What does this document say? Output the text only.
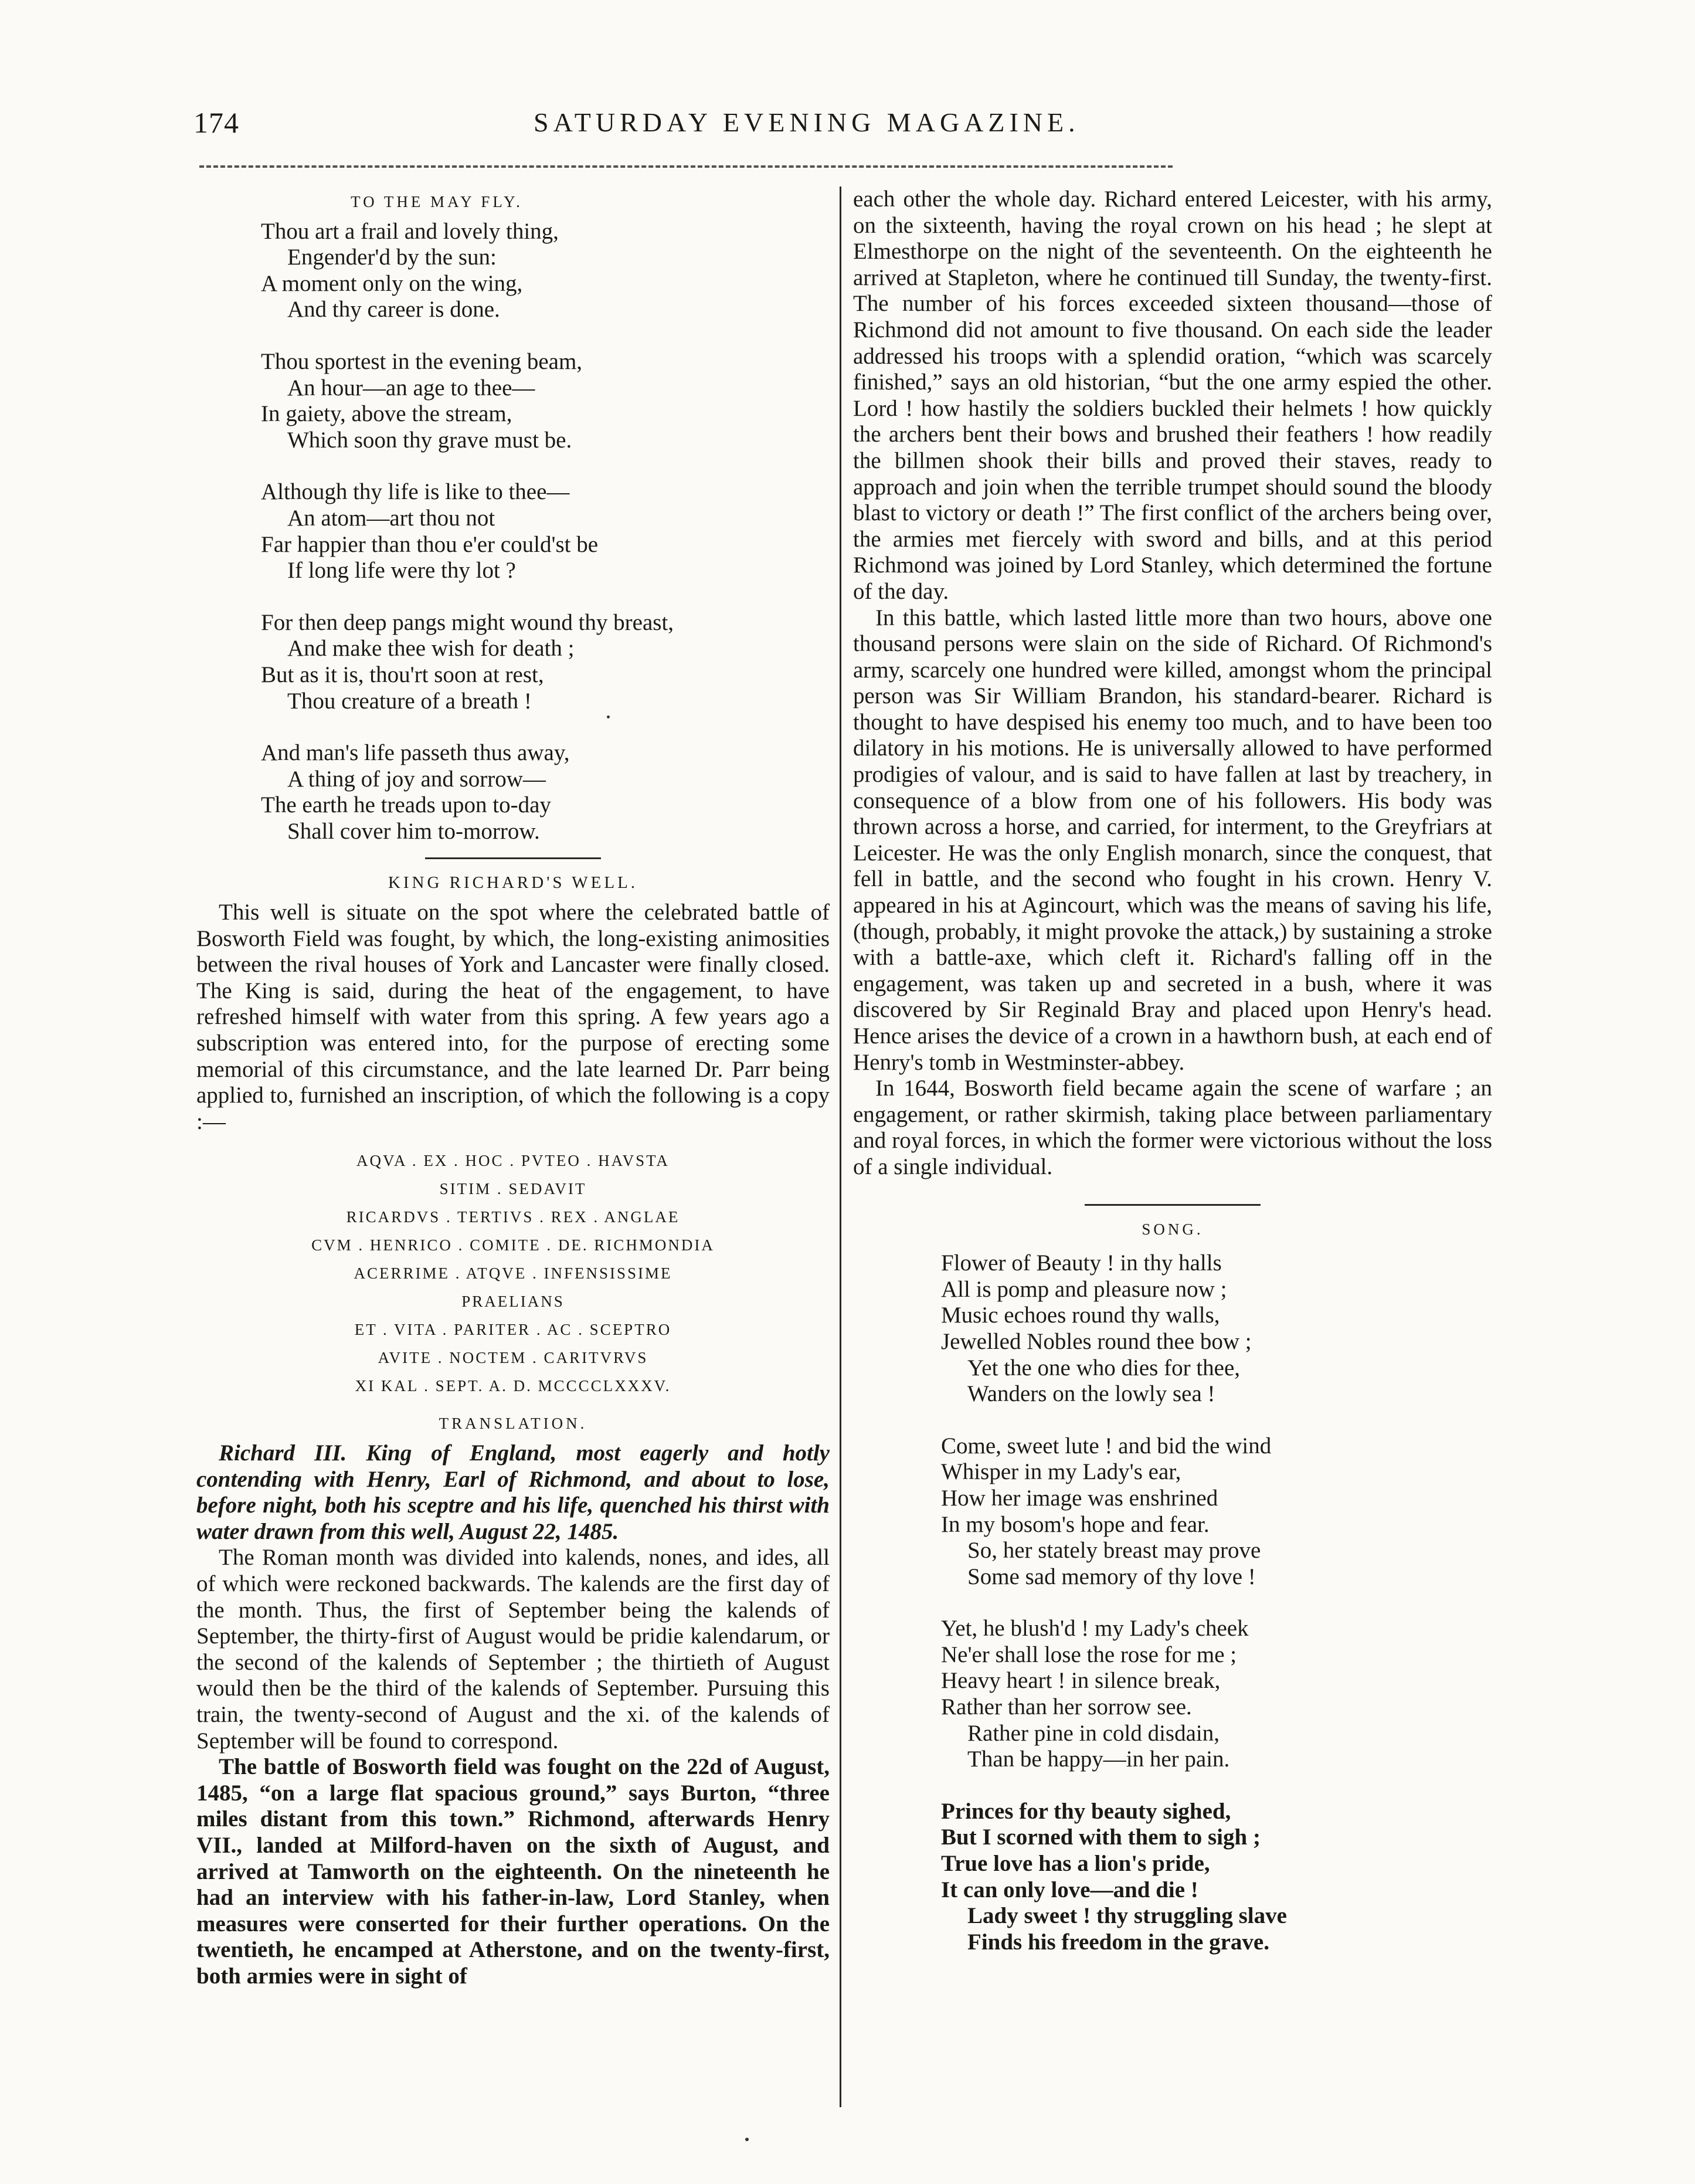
174	SATURDAY EVENING MAGAZINE.
TO THE MAY FLY.
Thou art a frail and lovely thing,
Engender'd by the sun:
A moment only on the wing,
And thy career is done.
Thou sportest in the evening beam,
An hour—an age to thee—
In gaiety, above the stream,
Which soon thy grave must be.
Although thy life is like to thee—
An atom—art thou not
Far happier than thou e'er could'st be
If long life were thy lot ?
For then deep pangs might wound thy breast,
And make thee wish for death ;
But as it is, thou'rt soon at rest,
Thou creature of a breath !
And man's life passeth thus away,
A thing of joy and sorrow—
The earth he treads upon to-day
Shall cover him to-morrow.
KING RICHARD'S WELL.

This well is situate on the spot where the celebrated battle of Bosworth Field was fought, by which, the long-existing animosities between the rival houses of York and Lancaster were finally closed. The King is said, during the heat of the engagement, to have refreshed himself with water from this spring. A few years ago a subscription was entered into, for the purpose of erecting some memorial of this circumstance, and the late learned Dr. Parr being applied to, furnished an inscription, of which the following is a copy :—

AQVA . EX . HOC . PVTEO . HAVSTA
SITIM . SEDAVIT
RICARDVS . TERTIVS . REX . ANGLAE
CVM . HENRICO . COMITE . DE. RICHMONDIA
ACERRIME . ATQVE . INFENSISSIME
PRAELIANS
ET . VITA . PARITER . AC . SCEPTRO
AVITE . NOCTEM . CARITVRVS
XI KAL . SEPT. A. D. MCCCCLXXXV.
TRANSLATION.

Richard III. King of England, most eagerly and hotly contending with Henry, Earl of Richmond, and about to lose, before night, both his sceptre and his life, quenched his thirst with water drawn from this well, August 22, 1485.

The Roman month was divided into kalends, nones, and ides, all of which were reckoned backwards. The kalends are the first day of the month. Thus, the first of September being the kalends of September, the thirty-first of August would be pridie kalendarum, or the second of the kalends of September ; the thirtieth of August would then be the third of the kalends of September. Pursuing this train, the twenty-second of August and the xi. of the kalends of September will be found to correspond.

The battle of Bosworth field was fought on the 22d of August, 1485, “on a large flat spacious ground,” says Burton, “three miles distant from this town.” Richmond, afterwards Henry VII., landed at Milford-haven on the sixth of August, and arrived at Tamworth on the eighteenth. On the nineteenth he had an interview with his father-in-law, Lord Stanley, when measures were conserted for their further operations. On the twentieth, he encamped at Atherstone, and on the twenty-first, both armies were in sight of

each other the whole day. Richard entered Leicester, with his army, on the sixteenth, having the royal crown on his head ; he slept at Elmesthorpe on the night of the seventeenth. On the eighteenth he arrived at Stapleton, where he continued till Sunday, the twenty-first. The number of his forces exceeded sixteen thousand—those of Richmond did not amount to five thousand. On each side the leader addressed his troops with a splendid oration, “which was scarcely finished,” says an old historian, “but the one army espied the other. Lord ! how hastily the soldiers buckled their helmets ! how quickly the archers bent their bows and brushed their feathers ! how readily the billmen shook their bills and proved their staves, ready to approach and join when the terrible trumpet should sound the bloody blast to victory or death !” The first conflict of the archers being over, the armies met fiercely with sword and bills, and at this period Richmond was joined by Lord Stanley, which determined the fortune of the day.

In this battle, which lasted little more than two hours, above one thousand persons were slain on the side of Richard. Of Richmond's army, scarcely one hundred were killed, amongst whom the principal person was Sir William Brandon, his standard-bearer. Richard is thought to have despised his enemy too much, and to have been too dilatory in his motions. He is universally allowed to have performed prodigies of valour, and is said to have fallen at last by treachery, in consequence of a blow from one of his followers. His body was thrown across a horse, and carried, for interment, to the Greyfriars at Leicester. He was the only English monarch, since the conquest, that fell in battle, and the second who fought in his crown. Henry V. appeared in his at Agincourt, which was the means of saving his life, (though, probably, it might provoke the attack,) by sustaining a stroke with a battle-axe, which cleft it. Richard's falling off in the engagement, was taken up and secreted in a bush, where it was discovered by Sir Reginald Bray and placed upon Henry's head. Hence arises the device of a crown in a hawthorn bush, at each end of Henry's tomb in Westminster-abbey.

In 1644, Bosworth field became again the scene of warfare ; an engagement, or rather skirmish, taking place between parliamentary and royal forces, in which the former were victorious without the loss of a single individual.

SONG.
Flower of Beauty ! in thy halls
All is pomp and pleasure now ;
Music echoes round thy walls,
Jewelled Nobles round thee bow ;
Yet the one who dies for thee,
Wanders on the lowly sea !
Come, sweet lute ! and bid the wind
Whisper in my Lady's ear,
How her image was enshrined
In my bosom's hope and fear.
So, her stately breast may prove
Some sad memory of thy love !
Yet, he blush'd ! my Lady's cheek
Ne'er shall lose the rose for me ;
Heavy heart ! in silence break,
Rather than her sorrow see.
Rather pine in cold disdain,
Than be happy—in her pain.
Princes for thy beauty sighed,
But I scorned with them to sigh ;
True love has a lion's pride,
It can only love—and die !
Lady sweet ! thy struggling slave
Finds his freedom in the grave.
